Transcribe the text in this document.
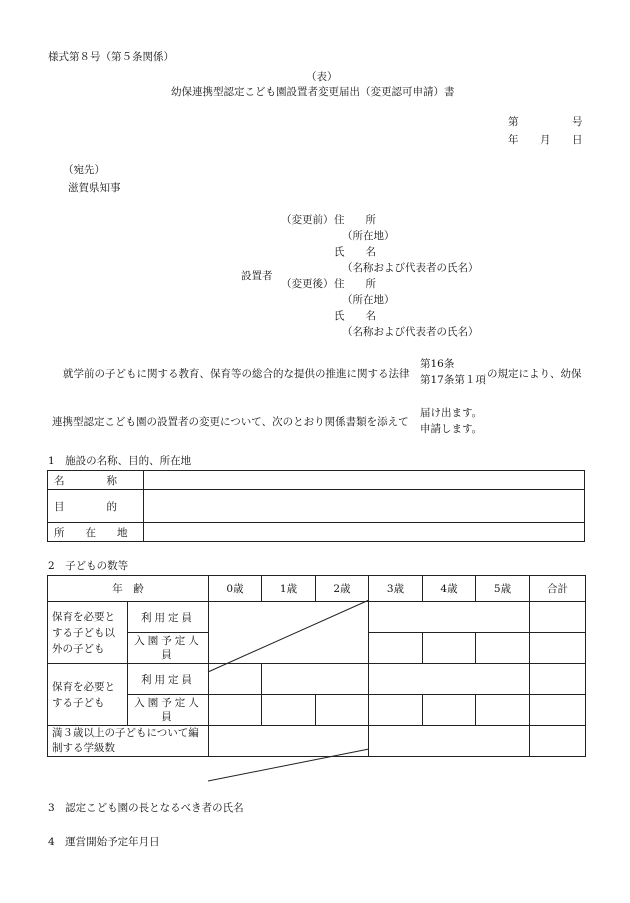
様式第８号（第５条関係）
（表）
幼保連携型認定こども園設置者変更届出（変更認可申請）書
第	号
年 月 日
（宛先）
滋賀県知事
（変更前） 住　　所
（所在地）
氏　　名
（名称および代表者の氏名）
設置者
（変更後） 住　　所
（所在地）
氏　　名
（名称および代表者の氏名）
就学前の子どもに関する教育、保育等の総合的な提供の推進に関する法律
第16条
第17条第１項 の規定により、幼保
連携型認定こども園の設置者の変更について、次のとおり関係書類を添えて
届け出ます。
申請します。
1　施設の名称、目的、所在地
名　　　　称	
目　　　　的	
所　　在　　地	
2　子どもの数等
年　齢		0歳	1歳	2歳	3歳	4歳	5歳	合計
保育を必要とする子ども以外の子ども	利用定員							
	入園予定人員							
保育を必要とする子ども	利用定員							
	入園予定人員							
満３歳以上の子どもについて編制する学級数								
3　認定こども園の長となるべき者の氏名
4　運営開始予定年月日
